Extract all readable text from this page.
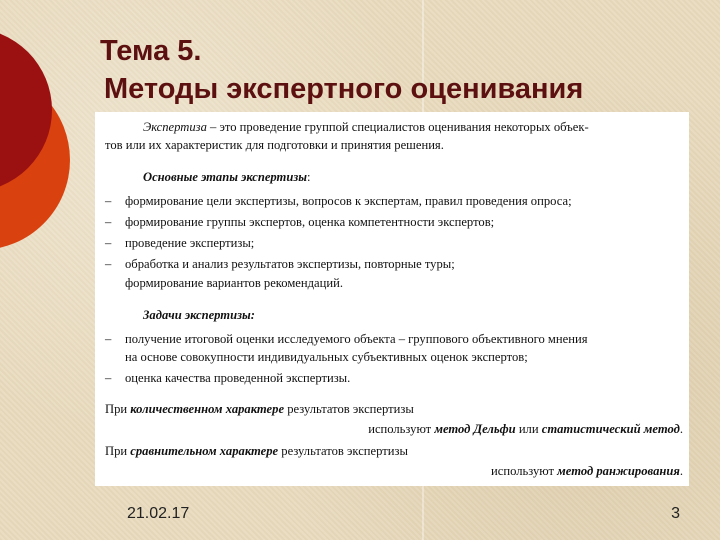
Тема 5.
Методы экспертного оценивания
Экспертиза – это проведение группой специалистов оценивания некоторых объек-
тов или их характеристик для подготовки и принятия решения.
Основные этапы экспертизы:
– формирование цели экспертизы, вопросов к экспертам, правил проведения опроса;
– формирование группы экспертов, оценка компетентности экспертов;
– проведение экспертизы;
– обработка и анализ результатов экспертизы, повторные туры;
формирование вариантов рекомендаций.
Задачи экспертизы:
– получение итоговой оценки исследуемого объекта – группового объективного мнения
на основе совокупности индивидуальных субъективных оценок экспертов;
– оценка качества проведенной экспертизы.
При количественном характере результатов экспертизы
используют метод Дельфи или статистический метод.
При сравнительном характере результатов экспертизы
используют метод ранжирования.
21.02.17	3
